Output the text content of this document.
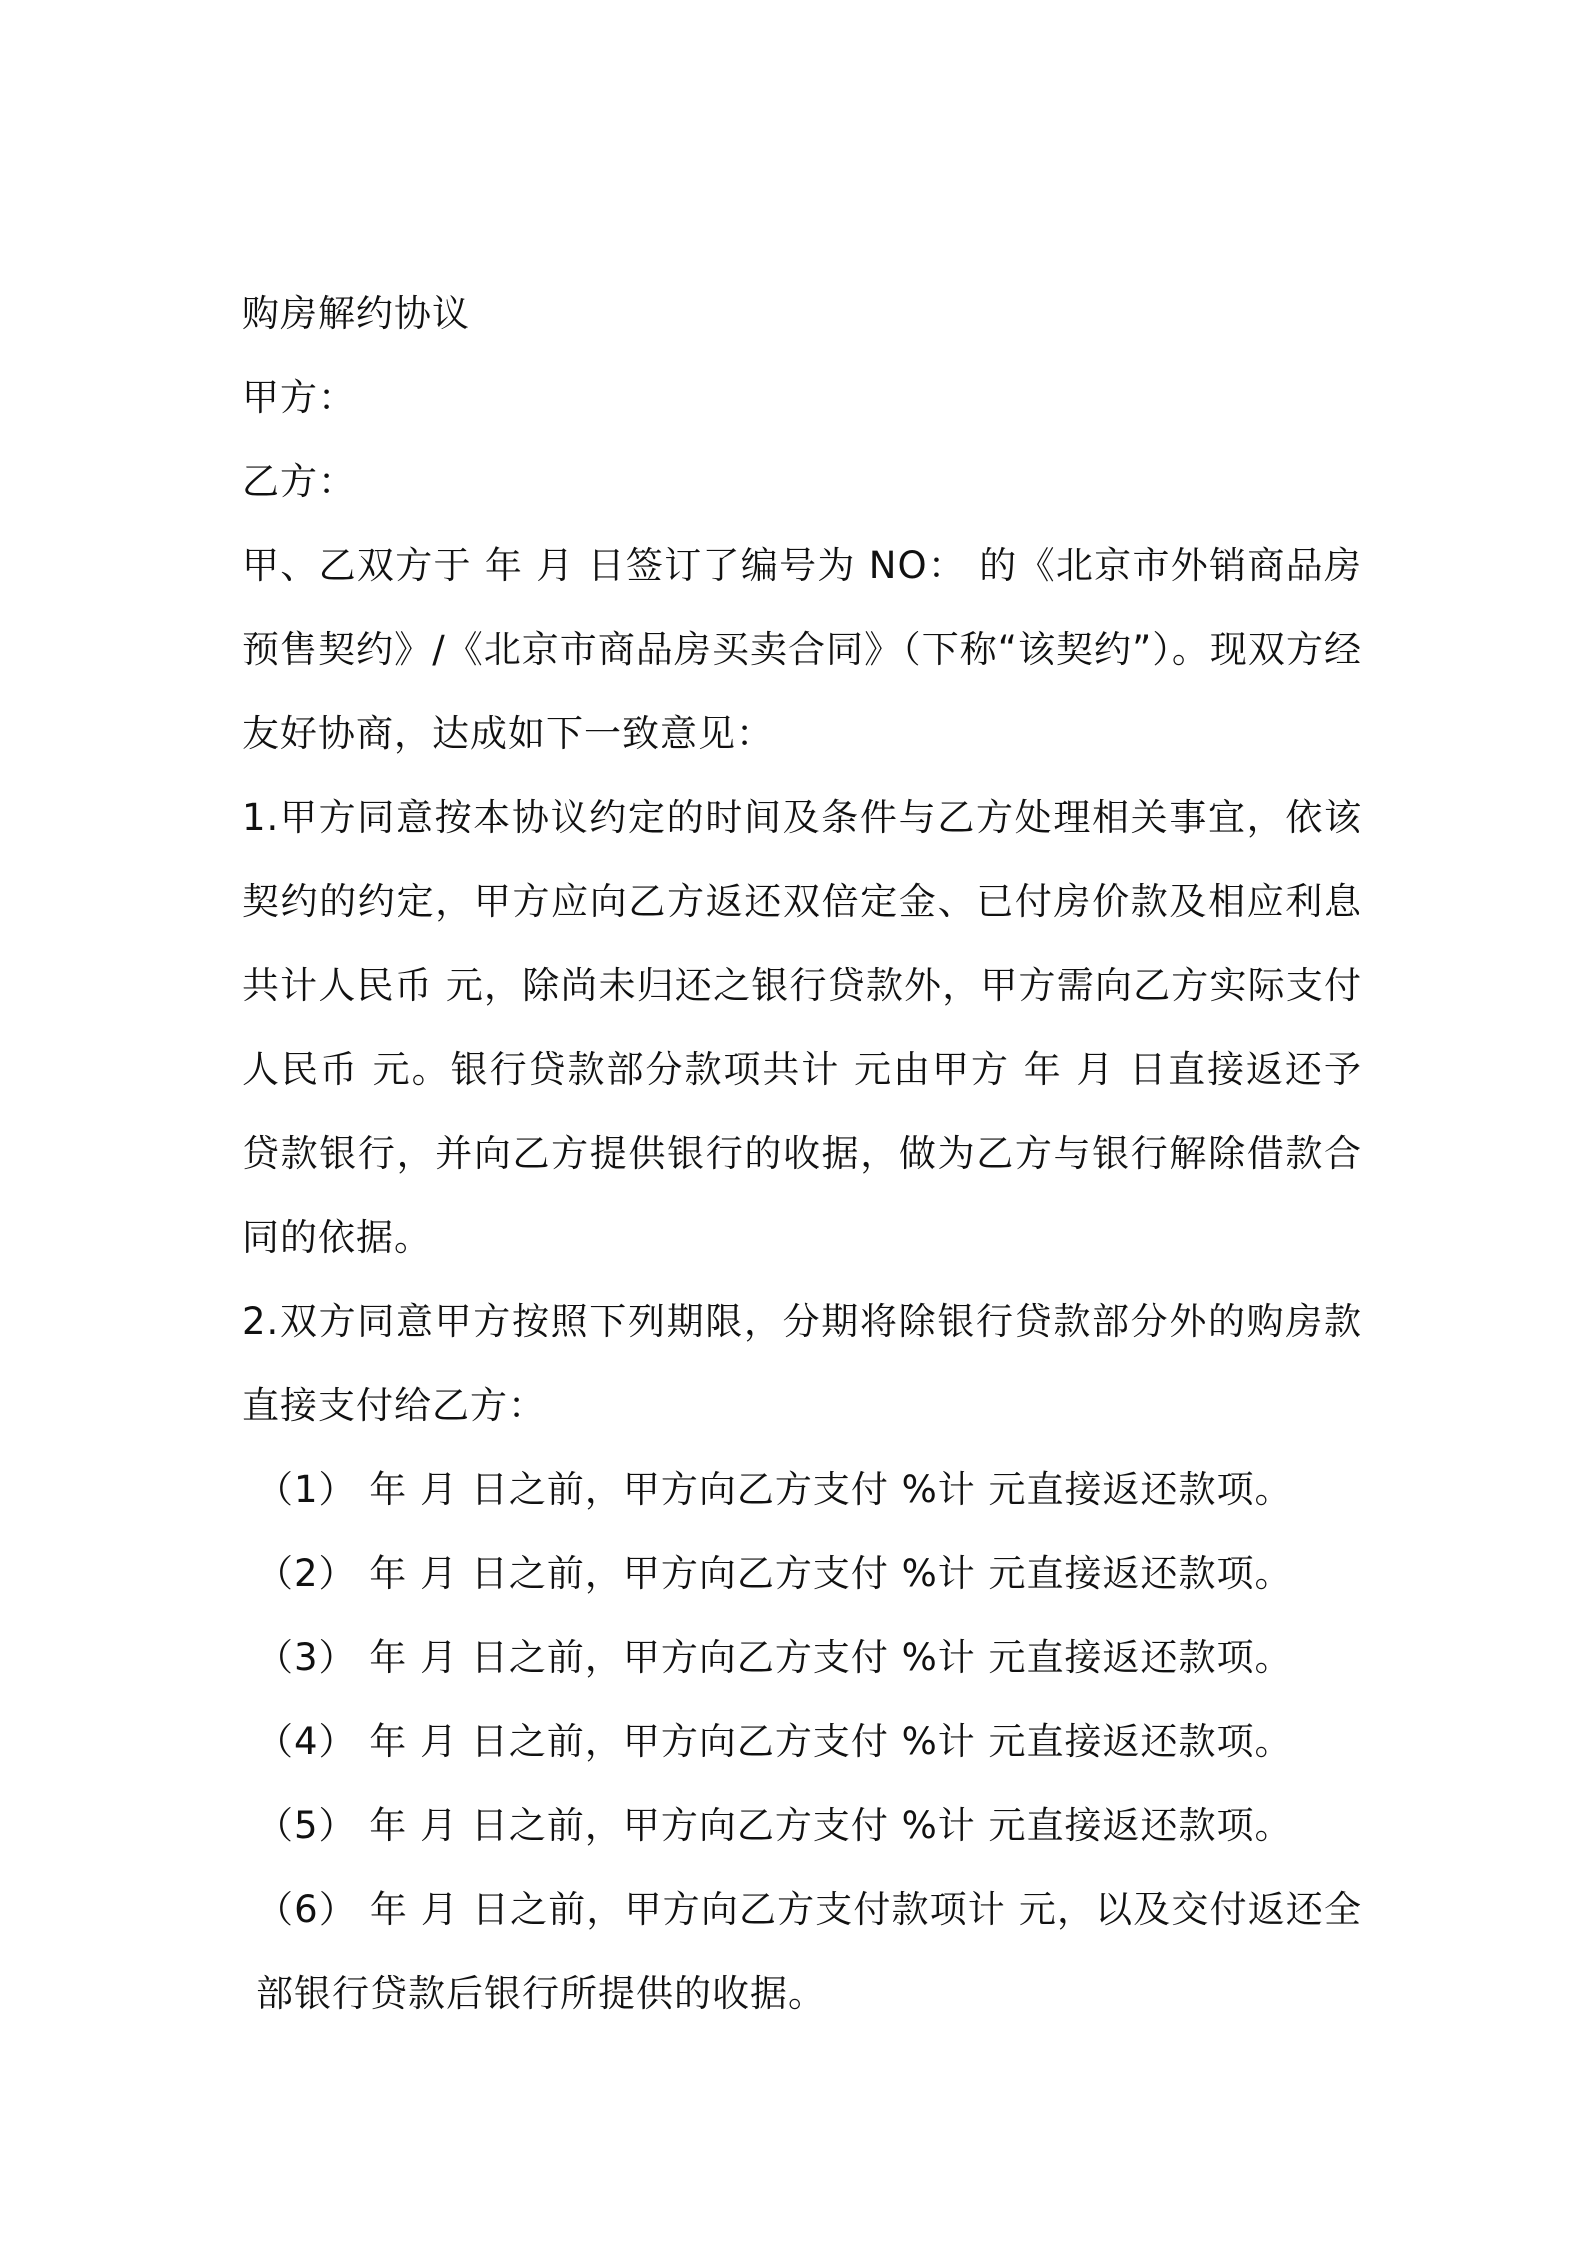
购房解约协议
甲方：
乙方：
甲、乙双方于 年 月 日签订了编号为 NO： 的《北京市外销商品房预售契约》/《北京市商品房买卖合同》（下称“该契约”）。现双方经友好协商，达成如下一致意见：
1.甲方同意按本协议约定的时间及条件与乙方处理相关事宜，依该契约的约定，甲方应向乙方返还双倍定金、已付房价款及相应利息共计人民币 元，除尚未归还之银行贷款外，甲方需向乙方实际支付人民币 元。银行贷款部分款项共计 元由甲方 年 月 日直接返还予贷款银行，并向乙方提供银行的收据，做为乙方与银行解除借款合同的依据。
2.双方同意甲方按照下列期限，分期将除银行贷款部分外的购房款直接支付给乙方：
（1） 年 月 日之前，甲方向乙方支付 %计 元直接返还款项。
（2） 年 月 日之前，甲方向乙方支付 %计 元直接返还款项。
（3） 年 月 日之前，甲方向乙方支付 %计 元直接返还款项。
（4） 年 月 日之前，甲方向乙方支付 %计 元直接返还款项。
（5） 年 月 日之前，甲方向乙方支付 %计 元直接返还款项。
（6） 年 月 日之前，甲方向乙方支付款项计 元，以及交付返还全部银行贷款后银行所提供的收据。
